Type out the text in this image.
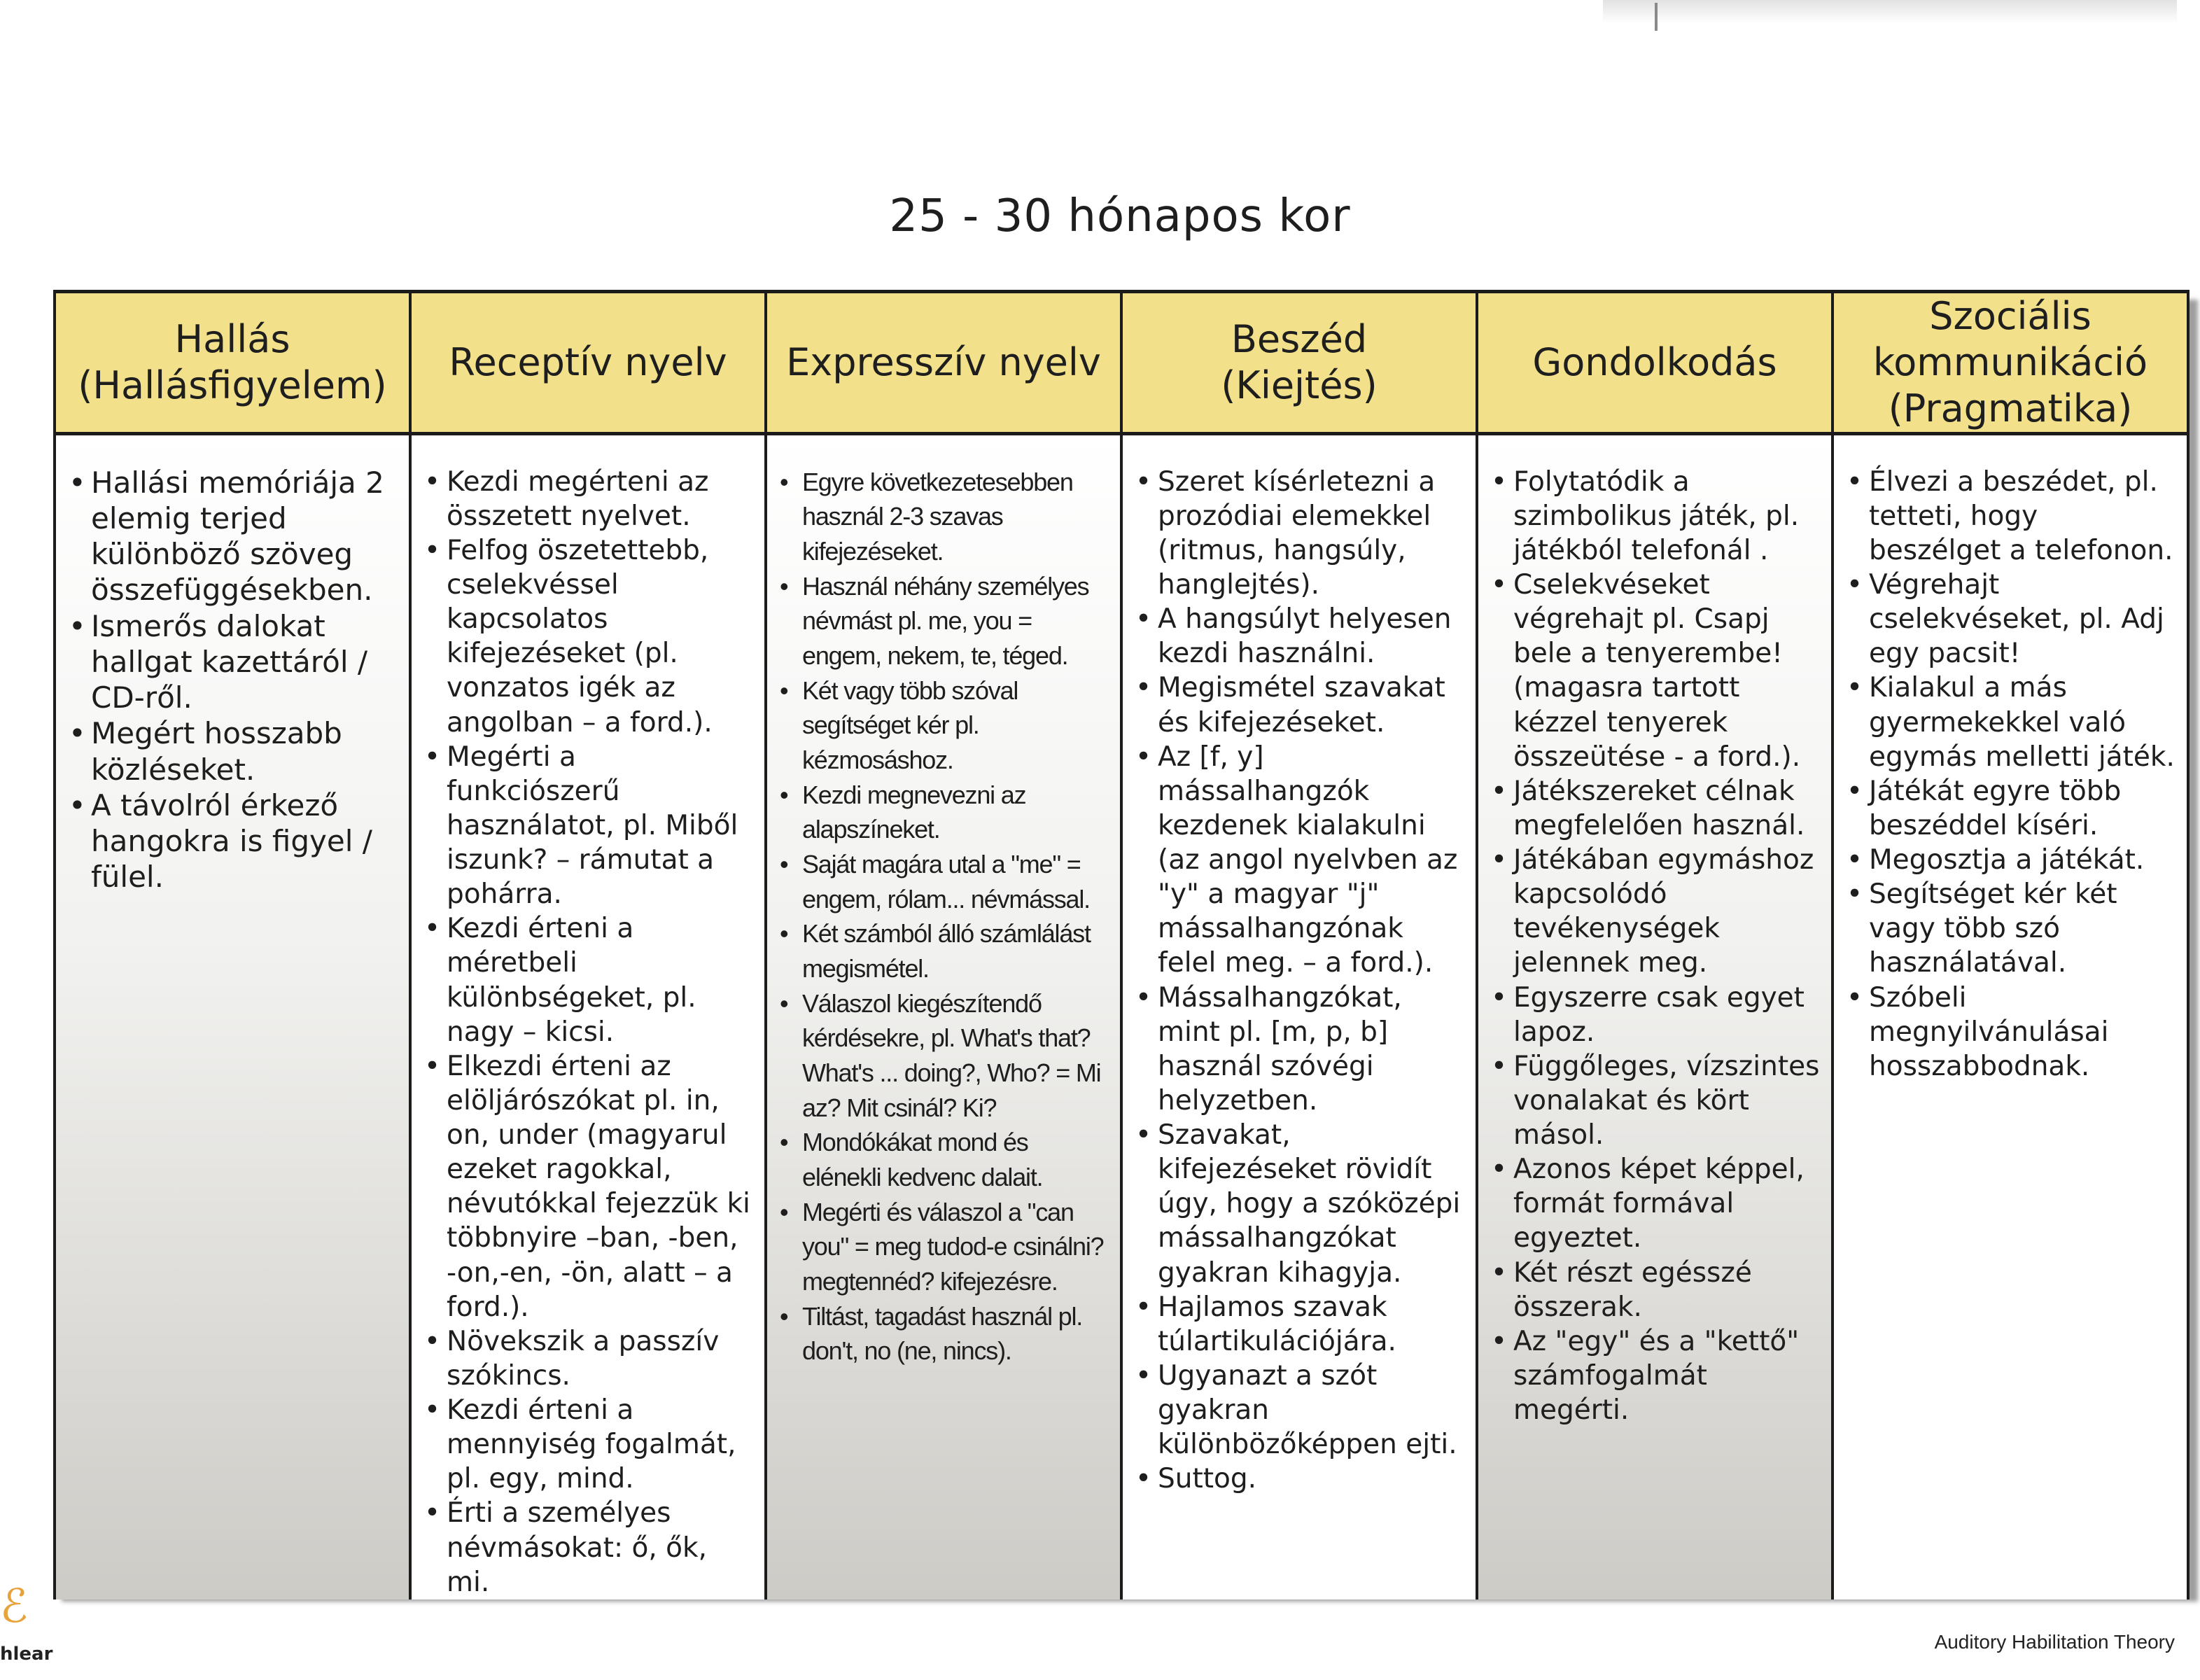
25 - 30 hónapos kor
Hallás
(Hallásfigyelem)
Receptív nyelv	Expresszív nyelv
Beszéd
(Kiejtés)
Gondolkodás
Szociális
kommunikáció
(Pragmatika)
• Hallási memóriája 2 elemig terjed különböző szöveg összefüggésekben.
• Ismerős dalokat hallgat kazettáról / CD-ről.
• Megért hosszabb közléseket.
• A távolról érkező hangokra is figyel / fülel.
• Kezdi megérteni az összetett nyelvet.
• Felfog öszetettebb, cselekvéssel kapcsolatos kifejezéseket (pl. vonzatos igék az angolban – a ford.).
• Megérti a funkciószerű használatot, pl. Miből iszunk? – rámutat a pohárra.
• Kezdi érteni a méretbeli különbségeket, pl. nagy – kicsi.
• Elkezdi érteni az elöljárószókat pl. in, on, under (magyarul ezeket ragokkal, névutókkal fejezzük ki többnyire –ban, -ben, -on,-en, -ön, alatt – a ford.).
• Növekszik a passzív szókincs.
• Kezdi érteni a mennyiség fogalmát, pl. egy, mind.
• Érti a személyes névmásokat: ő, ők, mi.
• Egyre következetesebben használ 2-3 szavas kifejezéseket.
• Használ néhány személyes névmást pl. me, you = engem, nekem, te, téged.
• Két vagy több szóval segítséget kér pl. kézmosáshoz.
• Kezdi megnevezni az alapszíneket.
• Saját magára utal a "me" = engem, rólam... névmással.
• Két számból álló számlálást megismétel.
• Válaszol kiegészítendő kérdésekre, pl. What's that? What's ... doing?, Who? = Mi az? Mit csinál? Ki?
• Mondókákat mond és elénekli kedvenc dalait.
• Megérti és válaszol a "can you" = meg tudod-e csinálni? megtennéd? kifejezésre.
• Tiltást, tagadást használ pl. don't, no (ne, nincs).
• Szeret kísérletezni a prozódiai elemekkel (ritmus, hangsúly, hanglejtés).
• A hangsúlyt helyesen kezdi használni.
• Megismétel szavakat és kifejezéseket.
• Az [f, y] mássalhangzók kezdenek kialakulni (az angol nyelvben az "y" a magyar "j" mássalhangzónak felel meg. – a ford.).
• Mássalhangzókat, mint pl. [m, p, b] használ szóvégi helyzetben.
• Szavakat, kifejezéseket rövidít úgy, hogy a szóközépi mássalhangzókat gyakran kihagyja.
• Hajlamos szavak túlartikulációjára.
• Ugyanazt a szót gyakran különbözőképpen ejti.
• Suttog.
• Folytatódik a szimbolikus játék, pl. játékból telefonál .
• Cselekvéseket végrehajt pl. Csapj bele a tenyerembe! (magasra tartott kézzel tenyerek összeütése - a ford.).
• Játékszereket célnak megfelelően használ.
• Játékában egymáshoz kapcsolódó tevékenységek jelennek meg.
• Egyszerre csak egyet lapoz.
• Függőleges, vízszintes vonalakat és kört másol.
• Azonos képet képpel, formát formával egyeztet.
• Két részt egésszé összerak.
• Az "egy" és a "kettő" számfogalmát megérti.
• Élvezi a beszédet, pl. tetteti, hogy beszélget a telefonon.
• Végrehajt cselekvéseket, pl. Adj egy pacsit!
• Kialakul a más gyermekekkel való egymás melletti játék.
• Játékát egyre több beszéddel kíséri.
• Megosztja a játékát.
• Segítséget kér két vagy több szó használatával.
• Szóbeli megnyilvánulásai hosszabbodnak.
ℰ
hlear
Auditory Habilitation Theory
